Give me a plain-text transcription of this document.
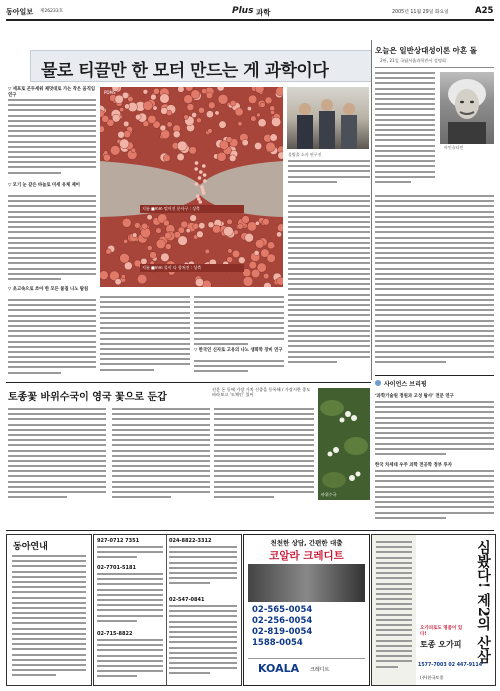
동아일보 제26233호	Plus 과학	2005년 11월 29일 화요일	A25
물로 티끌만 한 모터 만드는 게 과학이다
오늘은 일반상대성이론 아흔 돌
2판, 21일 국립서울과학관서 설명회
아인슈타인
▽ 세포로 곤두세워 제멋대로 가는 작은 움직임 연구
▽ 모기 눈 같은 바늘로 미세 유체 제어
▽ 초고속으로 쏘아 한 모든 물질 나노 탐침
PDMS
지름 ■mm 떨어진 분사구 : 상측
지름 ■mm 물이 다 합쳐진 : 상측
물방울 소자 연구진
▽ 한국인 신자로 고유의 나노 생화학 장비 연구
사이언스 브리핑
‘과학기술원 정원과 고성 탐사’ 전문 연구
한국 차세대 우주 과학 전공학 정부 투자
토종꽃 바위수국이 영국 꽃으로 둔갑
선운 돈 등에 가장 가치 신종을 등록해 / 가장시한 종도 바라보고 ‘도체인’ 있어
바위수국
동아연내
927-0712 7351
02-7701-5181
024-8822-3312
02-547-0841
02-715-8822
천천한 상담, 간편한 대출
코알라 크레디트
02-565-0054
02-256-0054
02-819-0054
1588-0054
KOALA 크레디트
심봤다! 제2의 산삼
오가피로도 명품이 있다!
토종 오가피
1577-7003 02 447-9114
(주)한국토종
